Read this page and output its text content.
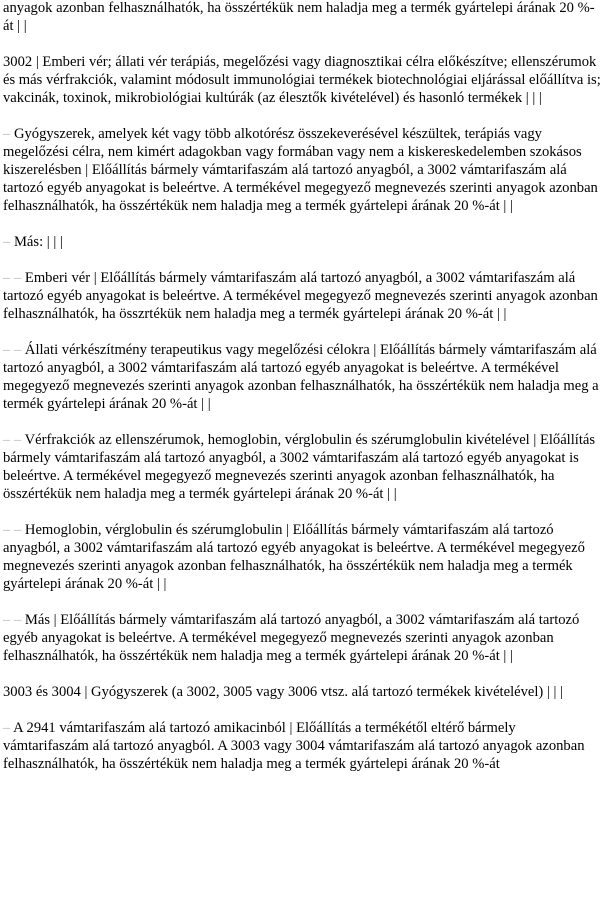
anyagok azonban felhasználhatók, ha összértékük nem haladja meg a termék gyártelepi árának 20 %-át | |

3002 | Emberi vér; állati vér terápiás, megelőzési vagy diagnosztikai célra előkészítve; ellenszérumok és más vérfrakciók, valamint módosult immunológiai termékek biotechnológiai eljárással előállítva is; vakcinák, toxinok, mikrobiológiai kultúrák (az élesztők kivételével) és hasonló termékek | | |

– Gyógyszerek, amelyek két vagy több alkotórész összekeverésével készültek, terápiás vagy megelőzési célra, nem kimért adagokban vagy formában vagy nem a kiskereskedelemben szokásos kiszerelésben | Előállítás bármely vámtarifaszám alá tartozó anyagból, a 3002 vámtarifaszám alá tartozó egyéb anyagokat is beleértve. A termékével megegyező megnevezés szerinti anyagok azonban felhasználhatók, ha összértékük nem haladja meg a termék gyártelepi árának 20 %-át | |

– Más: | | |

– – Emberi vér | Előállítás bármely vámtarifaszám alá tartozó anyagból, a 3002 vámtarifaszám alá tartozó egyéb anyagokat is beleértve. A termékével megegyező megnevezés szerinti anyagok azonban felhasználhatók, ha összrtékük nem haladja meg a termék gyártelepi árának 20 %-át | |

– – Állati vérkészítmény terapeutikus vagy megelőzési célokra | Előállítás bármely vámtarifaszám alá tartozó anyagból, a 3002 vámtarifaszám alá tartozó egyéb anyagokat is beleértve. A termékével megegyező megnevezés szerinti anyagok azonban felhasználhatók, ha összértékük nem haladja meg a termék gyártelepi árának 20 %-át | |

– – Vérfrakciók az ellenszérumok, hemoglobin, vérglobulin és szérumglobulin kivételével | Előállítás bármely vámtarifaszám alá tartozó anyagból, a 3002 vámtarifaszám alá tartozó egyéb anyagokat is beleértve. A termékével megegyező megnevezés szerinti anyagok azonban felhasználhatók, ha összértékük nem haladja meg a termék gyártelepi árának 20 %-át | |

– – Hemoglobin, vérglobulin és szérumglobulin | Előállítás bármely vámtarifaszám alá tartozó anyagból, a 3002 vámtarifaszám alá tartozó egyéb anyagokat is beleértve. A termékével megegyező megnevezés szerinti anyagok azonban felhasználhatók, ha összértékük nem haladja meg a termék gyártelepi árának 20 %-át | |

– – Más | Előállítás bármely vámtarifaszám alá tartozó anyagból, a 3002 vámtarifaszám alá tartozó egyéb anyagokat is beleértve. A termékével megegyező megnevezés szerinti anyagok azonban felhasználhatók, ha összértékük nem haladja meg a termék gyártelepi árának 20 %-át | |

3003 és 3004 | Gyógyszerek (a 3002, 3005 vagy 3006 vtsz. alá tartozó termékek kivételével) | | |

– A 2941 vámtarifaszám alá tartozó amikacinból | Előállítás a termékétől eltérő bármely vámtarifaszám alá tartozó anyagból. A 3003 vagy 3004 vámtarifaszám alá tartozó anyagok azonban felhasználhatók, ha összértékük nem haladja meg a termék gyártelepi árának 20 %-át
